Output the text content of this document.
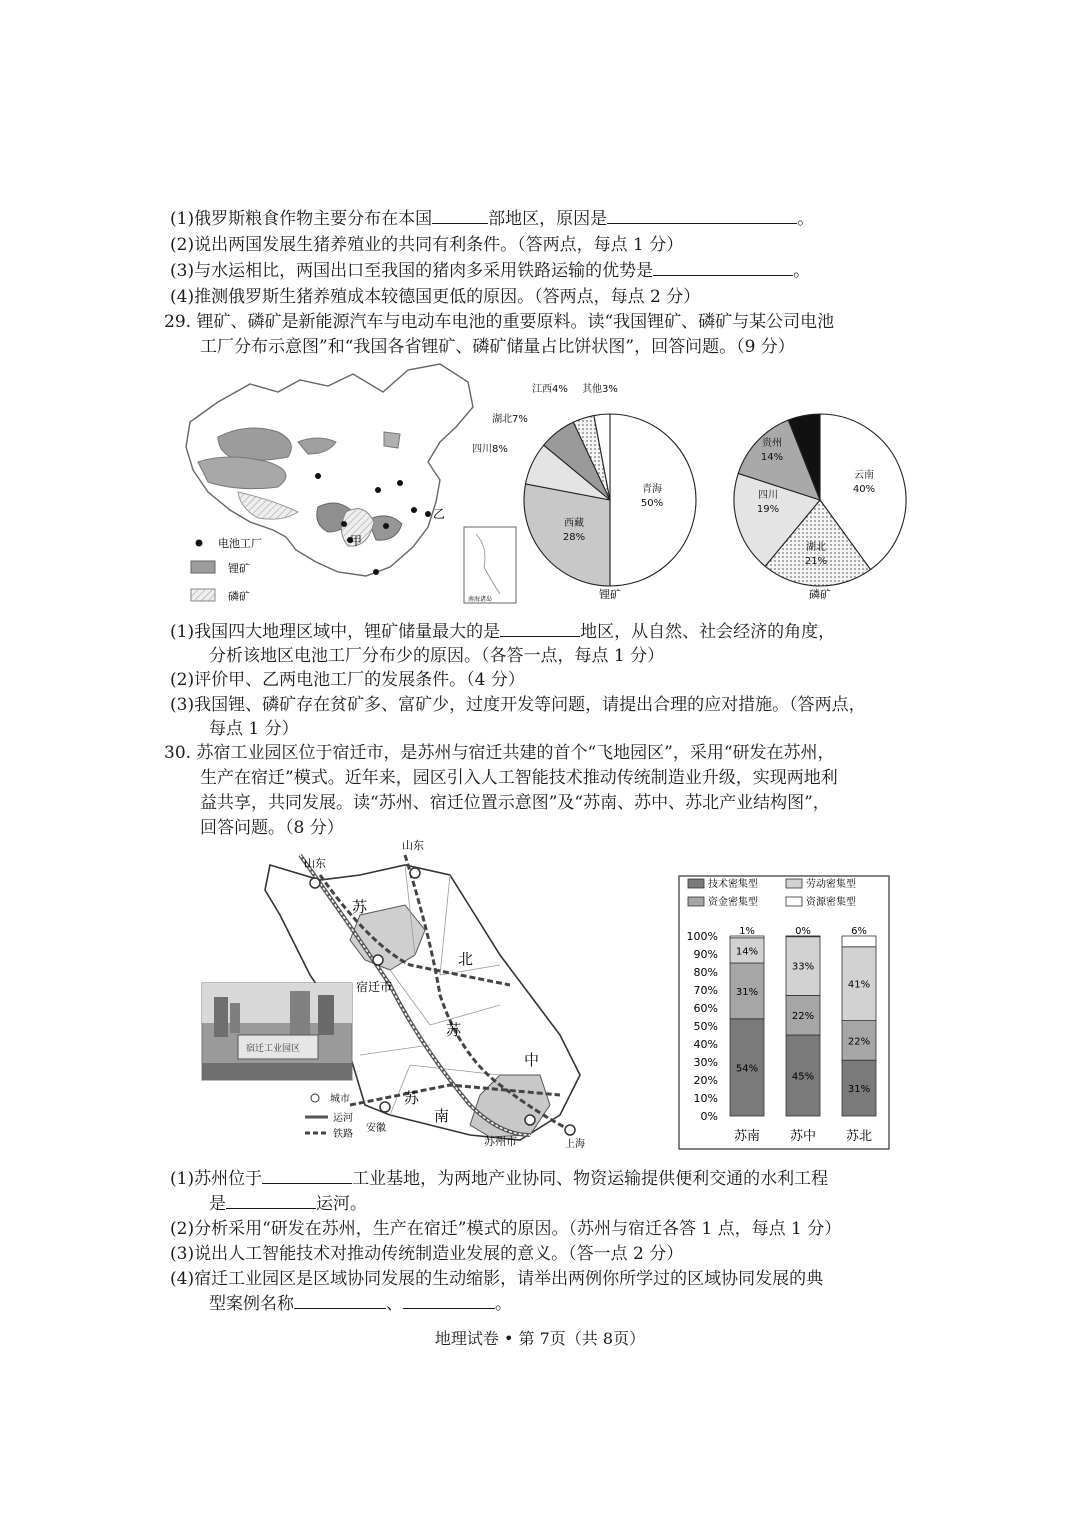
(1)俄罗斯粮食作物主要分布在本国	部地区，原因是	。
(2)说出两国发展生猪养殖业的共同有利条件。（答两点，每点 1 分）
(3)与水运相比，两国出口至我国的猪肉多采用铁路运输的优势是	。
(4)推测俄罗斯生猪养殖成本较德国更低的原因。（答两点，每点 2 分）
29. 锂矿、磷矿是新能源汽车与电动车电池的重要原料。读“我国锂矿、磷矿与某公司电池
工厂分布示意图”和“我国各省锂矿、磷矿储量占比饼状图”，回答问题。（9 分）
甲
乙
电池工厂
锂矿
磷矿	南海诸岛
青海 50%
西藏 28%
四川8%
湖北7%
江西4% 其他3%
锂矿
云南 40%
湖北 21%
四川 19%
贵州 14%
其他6%
磷矿
(1)我国四大地理区域中，锂矿储量最大的是	地区，从自然、社会经济的角度，
分析该地区电池工厂分布少的原因。（各答一点，每点 1 分）
(2)评价甲、乙两电池工厂的发展条件。（4 分）
(3)我国锂、磷矿存在贫矿多、富矿少，过度开发等问题，请提出合理的应对措施。（答两点，
每点 1 分）
30. 苏宿工业园区位于宿迁市，是苏州与宿迁共建的首个“飞地园区”，采用“研发在苏州，
生产在宿迁”模式。近年来，园区引入人工智能技术推动传统制造业升级，实现两地利
益共享，共同发展。读“苏州、宿迁位置示意图”及“苏南、苏中、苏北产业结构图”，
回答问题。（8 分）
山东
山东
苏
北
宿迁市
苏
中
苏
南
安徽
苏州市	上海
城市
运河
铁路
宿迁工业园区
技术密集型	劳动密集型
资金密集型	资源密集型
0%
10%
20%
30%
40%
50%
60%
70%
80%
90%
100%
54%
31%
14%
1%
苏南
45%
22%
33%
0%
苏中
31%
22%
41%
6%
苏北
(1)苏州位于	工业基地，为两地产业协同、物资运输提供便利交通的水利工程
是	运河。
(2)分析采用“研发在苏州，生产在宿迁”模式的原因。（苏州与宿迁各答 1 点，每点 1 分）
(3)说出人工智能技术对推动传统制造业发展的意义。（答一点 2 分）
(4)宿迁工业园区是区域协同发展的生动缩影，请举出两例你所学过的区域协同发展的典
型案例名称	、	。
地理试卷 • 第 7页（共 8页）
